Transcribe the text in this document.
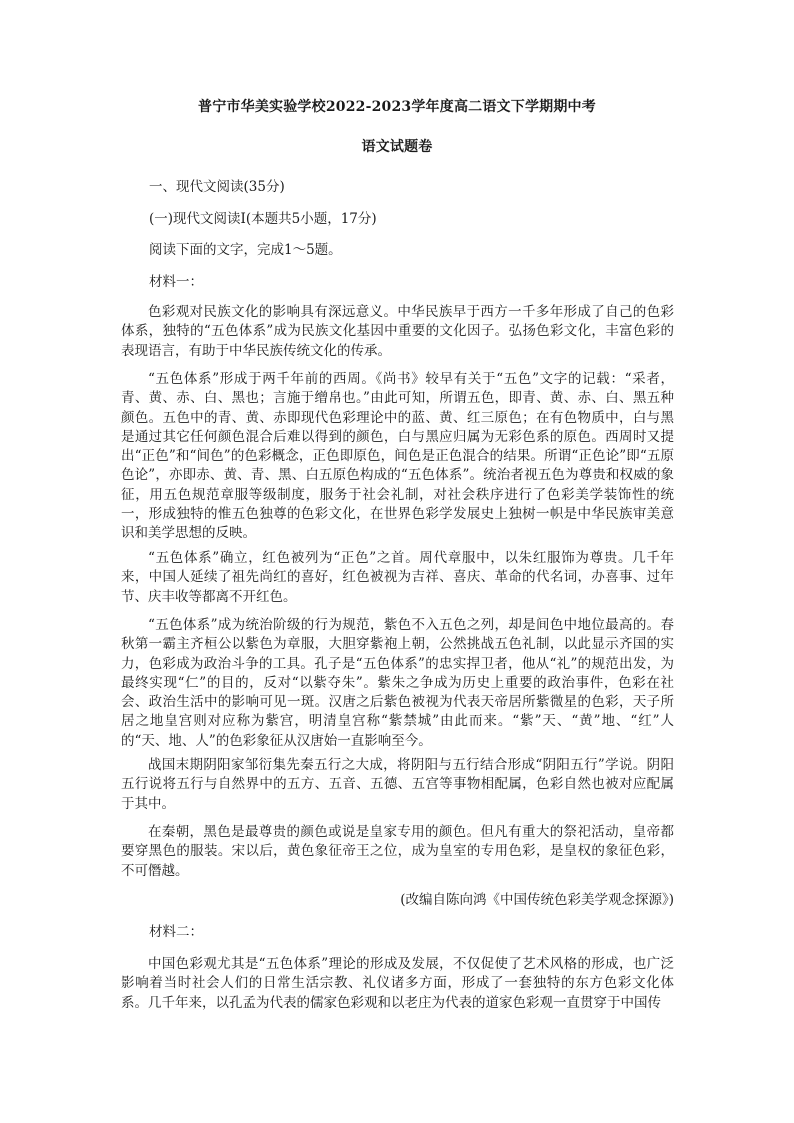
普宁市华美实验学校2022-2023学年度高二语文下学期期中考
语文试题卷
一、现代文阅读(35分)
(一)现代文阅读Ⅰ(本题共5小题，17分)
阅读下面的文字，完成1～5题。
材料一：
色彩观对民族文化的影响具有深远意义。中华民族早于西方一千多年形成了自己的色彩体系，独特的“五色体系”成为民族文化基因中重要的文化因子。弘扬色彩文化，丰富色彩的表现语言，有助于中华民族传统文化的传承。
“五色体系”形成于两千年前的西周。《尚书》较早有关于“五色”文字的记载：“采者，青、黄、赤、白、黑也；言施于缯帛也。”由此可知，所谓五色，即青、黄、赤、白、黑五种颜色。五色中的青、黄、赤即现代色彩理论中的蓝、黄、红三原色；在有色物质中，白与黑是通过其它任何颜色混合后难以得到的颜色，白与黑应归属为无彩色系的原色。西周时又提出“正色”和“间色”的色彩概念，正色即原色，间色是正色混合的结果。所谓“正色论”即“五原色论”，亦即赤、黄、青、黑、白五原色构成的“五色体系”。统治者视五色为尊贵和权威的象征，用五色规范章服等级制度，服务于社会礼制，对社会秩序进行了色彩美学装饰性的统一，形成独特的惟五色独尊的色彩文化，在世界色彩学发展史上独树一帜是中华民族审美意识和美学思想的反映。
“五色体系”确立，红色被列为“正色”之首。周代章服中，以朱红服饰为尊贵。几千年来，中国人延续了祖先尚红的喜好，红色被视为吉祥、喜庆、革命的代名词，办喜事、过年节、庆丰收等都离不开红色。
“五色体系”成为统治阶级的行为规范，紫色不入五色之列，却是间色中地位最高的。春秋第一霸主齐桓公以紫色为章服，大胆穿紫袍上朝，公然挑战五色礼制，以此显示齐国的实力，色彩成为政治斗争的工具。孔子是“五色体系”的忠实捍卫者，他从“礼”的规范出发，为最终实现“仁”的目的，反对“以紫夺朱”。紫朱之争成为历史上重要的政治事件，色彩在社会、政治生活中的影响可见一斑。汉唐之后紫色被视为代表天帝居所紫微星的色彩，天子所居之地皇宫则对应称为紫宫，明清皇宫称“紫禁城”由此而来。“紫”天、“黄”地、“红”人的“天、地、人”的色彩象征从汉唐始一直影响至今。
战国末期阴阳家邹衍集先秦五行之大成，将阴阳与五行结合形成“阴阳五行”学说。阴阳五行说将五行与自然界中的五方、五音、五德、五宫等事物相配属，色彩自然也被对应配属于其中。
在秦朝，黑色是最尊贵的颜色或说是皇家专用的颜色。但凡有重大的祭祀活动，皇帝都要穿黑色的服装。宋以后，黄色象征帝王之位，成为皇室的专用色彩，是皇权的象征色彩，不可僭越。
(改编自陈向鸿《中国传统色彩美学观念探源》)
材料二：
中国色彩观尤其是“五色体系”理论的形成及发展，不仅促使了艺术风格的形成，也广泛影响着当时社会人们的日常生活宗教、礼仪诸多方面，形成了一套独特的东方色彩文化体系。几千年来，以孔孟为代表的儒家色彩观和以老庄为代表的道家色彩观一直贯穿于中国传
